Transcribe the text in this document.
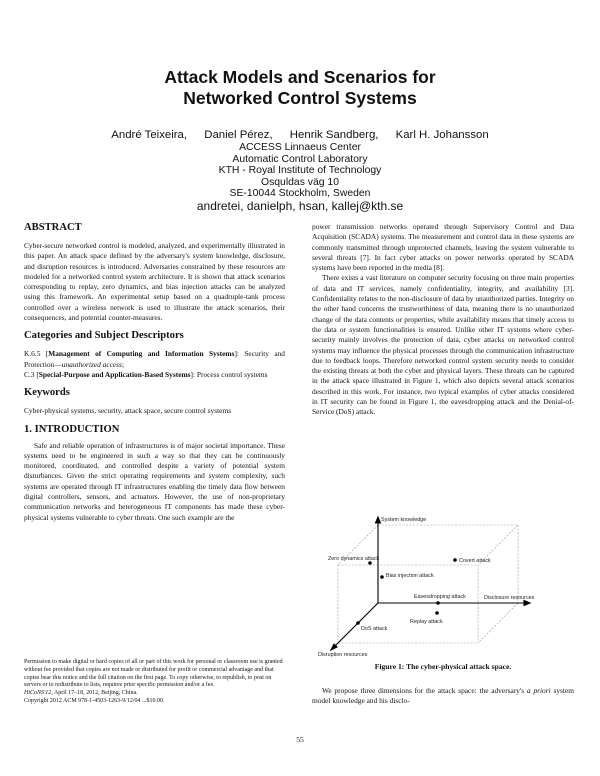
Attack Models and Scenarios for
Networked Control Systems
André Teixeira, Daniel Pérez, Henrik Sandberg, Karl H. Johansson
ACCESS Linnaeus Center
Automatic Control Laboratory
KTH - Royal Institute of Technology
Osquldas väg 10
SE-10044 Stockholm, Sweden
andretei, danielph, hsan, kallej@kth.se
ABSTRACT

Cyber-secure networked control is modeled, analyzed, and experimentally illustrated in this paper. An attack space defined by the adversary's system knowledge, disclosure, and disruption resources is introduced. Adversaries constrained by these resources are modeled for a networked control system architecture. It is shown that attack scenarios corresponding to replay, zero dynamics, and bias injection attacks can be analyzed using this framework. An experimental setup based on a quadruple-tank process controlled over a wireless network is used to illustrate the attack scenarios, their consequences, and potential counter-measures.

Categories and Subject Descriptors

K.6.5 [Management of Computing and Information Systems]: Security and Protection—unauthorized access;
C.3 [Special-Purpose and Application-Based Systems]: Process control systems

Keywords

Cyber-physical systems, security, attack space, secure control systems

1. INTRODUCTION

Safe and reliable operation of infrastructures is of major societal importance. These systems need to be engineered in such a way so that they can be continuously monitored, coordinated, and controlled despite a variety of potential system disturbances. Given the strict operating requirements and system complexity, such systems are operated through IT infrastructures enabling the timely data flow between digital controllers, sensors, and actuators. However, the use of non-proprietary communication networks and heterogeneous IT components has made these cyber-physical systems vulnerable to cyber threats. One such example are the

Permission to make digital or hard copies of all or part of this work for personal or classroom use is granted without fee provided that copies are not made or distributed for profit or commercial advantage and that copies bear this notice and the full citation on the first page. To copy otherwise, to republish, to post on servers or to redistribute to lists, requires prior specific permission and/or a fee.

HiCoNS'12, April 17–18, 2012, Beijing, China.

Copyright 2012 ACM 978-1-4503-1263-9/12/04 ...$10.00.

power transmission networks operated through Supervisory Control and Data Acquisition (SCADA) systems. The measurement and control data in these systems are commonly transmitted through unprotected channels, leaving the system vulnerable to several threats [7]. In fact cyber attacks on power networks operated by SCADA systems have been reported in the media [8].

There exists a vast literature on computer security focusing on three main properties of data and IT services, namely confidentiality, integrity, and availability [3]. Confidentiality relates to the non-disclosure of data by unauthorized parties. Integrity on the other hand concerns the trustworthiness of data, meaning there is no unauthorized change of the data contents or properties, while availability means that timely access to the data or system functionalities is ensured. Unlike other IT systems where cyber-security mainly involves the protection of data, cyber attacks on networked control systems may influence the physical processes through the communication infrastructure due to feedback loops. Therefore networked control system security needs to consider the existing threats at both the cyber and physical layers. These threats can be captured in the attack space illustrated in Figure 1, which also depicts several attack scenarios described in this work. For instance, two typical examples of cyber attacks considered in IT security can be found in Figure 1, the eavesdropping attack and the Denial-of-Service (DoS) attack.

System knowledge
Disclosure resources
Disruption resources
Covert attack
Zero dynamics attack
Bias injection attack
Replay attack
Eavesdropping attack
DoS attack
Figure 1: The cyber-physical attack space.

We propose three dimensions for the attack space: the adversary's a priori system model knowledge and his disclo-

55
